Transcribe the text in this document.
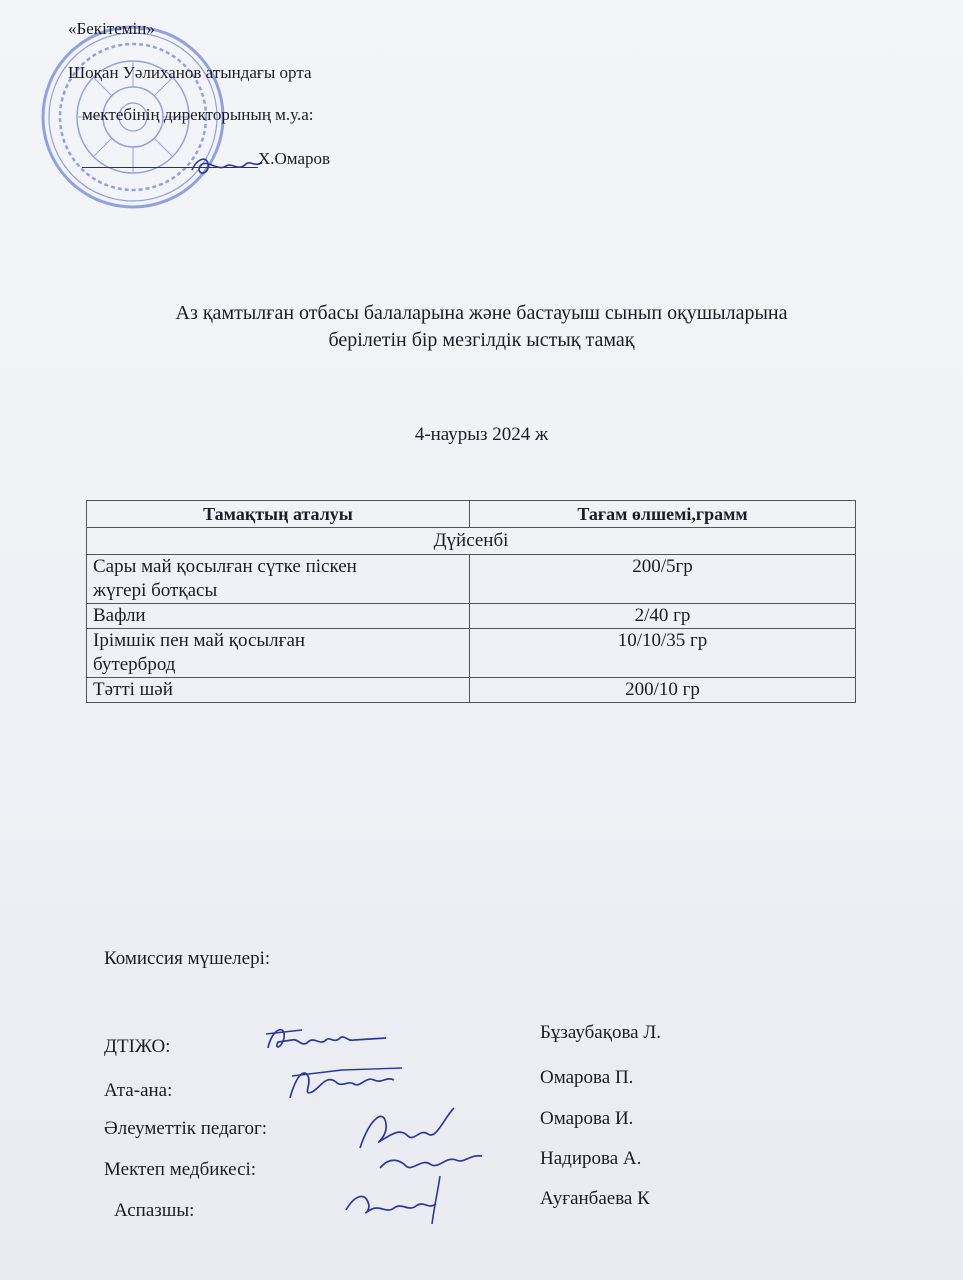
«Бекітемін»
Шоқан Уәлиханов атындағы орта
мектебінің директорының м.у.а:
Х.Омаров
Аз қамтылған отбасы балаларына және бастауыш сынып оқушыларына
берілетін бір мезгілдік ыстық тамақ
4-наурыз 2024 ж
Тамақтың аталуы	Тағам өлшемі,грамм
Дүйсенбі	

Сары май қосылған сүтке піскен
жүгері ботқасы	200/5гр

Вафли	2/40 гр

Ірімшік пен май қосылған
бутерброд	10/10/35 гр

Тәтті шәй	200/10 гр
Комиссия мүшелері:
ДТІЖО:
Бұзаубақова Л.
Ата-ана:
Омарова П.
Әлеуметтік педагог:	Омарова И.
Мектеп медбикесі:
Надирова А.
Аспазшы:
Ауғанбаева К
